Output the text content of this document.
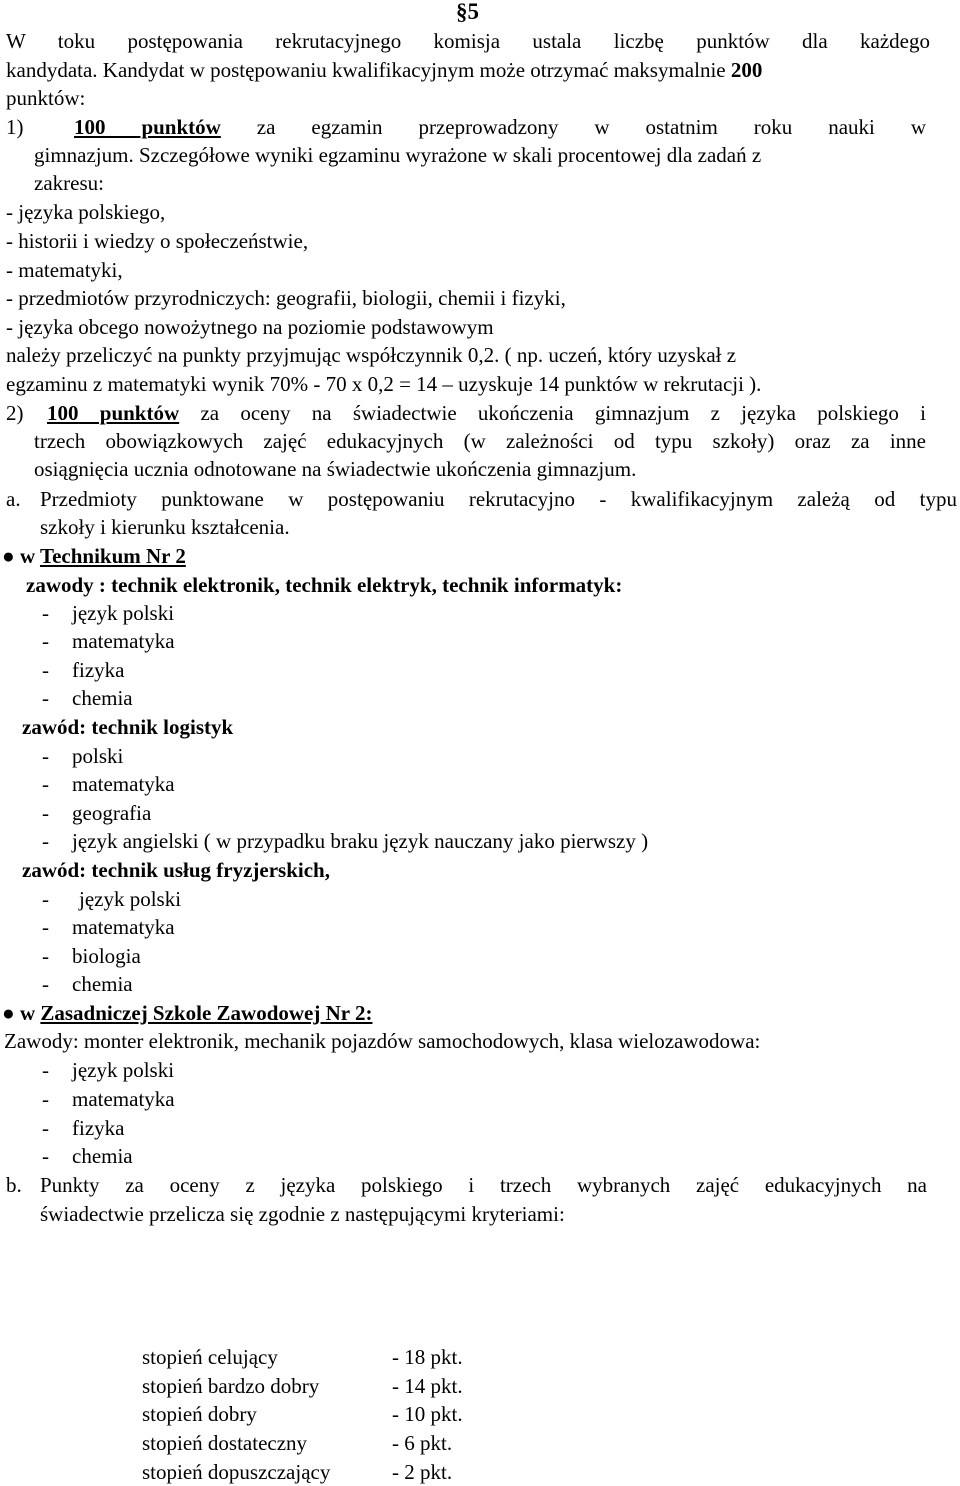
§5
W toku postępowania rekrutacyjnego komisja ustala liczbę punktów dla każdego
kandydata. Kandydat w postępowaniu kwalifikacyjnym może otrzymać maksymalnie 200
punktów:
1) 100 punktów za egzamin przeprowadzony w ostatnim roku nauki w
gimnazjum. Szczegółowe wyniki egzaminu wyrażone w skali procentowej dla zadań z
zakresu:
- języka polskiego,
- historii i wiedzy o społeczeństwie,
- matematyki,
- przedmiotów przyrodniczych: geografii, biologii, chemii i fizyki,
- języka obcego nowożytnego na poziomie podstawowym
należy przeliczyć na punkty przyjmując współczynnik 0,2. ( np. uczeń, który uzyskał z
egzaminu z matematyki wynik 70% - 70 x 0,2 = 14 – uzyskuje 14 punktów w rekrutacji ).
2) 100 punktów za oceny na świadectwie ukończenia gimnazjum z języka polskiego i
trzech obowiązkowych zajęć edukacyjnych (w zależności od typu szkoły) oraz za inne
osiągnięcia ucznia odnotowane na świadectwie ukończenia gimnazjum.
a. Przedmioty punktowane w postępowaniu rekrutacyjno - kwalifikacyjnym zależą od typu
szkoły i kierunku kształcenia.
● w Technikum Nr 2
zawody : technik elektronik, technik elektryk, technik informatyk:
- język polski
- matematyka
- fizyka
- chemia
zawód: technik logistyk
- polski
- matematyka
- geografia
- język angielski ( w przypadku braku język nauczany jako pierwszy )
zawód: technik usług fryzjerskich,
- język polski
- matematyka
- biologia
- chemia
● w Zasadniczej Szkole Zawodowej Nr 2:
Zawody: monter elektronik, mechanik pojazdów samochodowych, klasa wielozawodowa:
- język polski
- matematyka
- fizyka
- chemia
b. Punkty za oceny z języka polskiego i trzech wybranych zajęć edukacyjnych na
świadectwie przelicza się zgodnie z następującymi kryteriami:
stopień celujący	- 18 pkt.
stopień bardzo dobry	- 14 pkt.
stopień dobry	- 10 pkt.
stopień dostateczny	- 6 pkt.
stopień dopuszczający	- 2 pkt.
